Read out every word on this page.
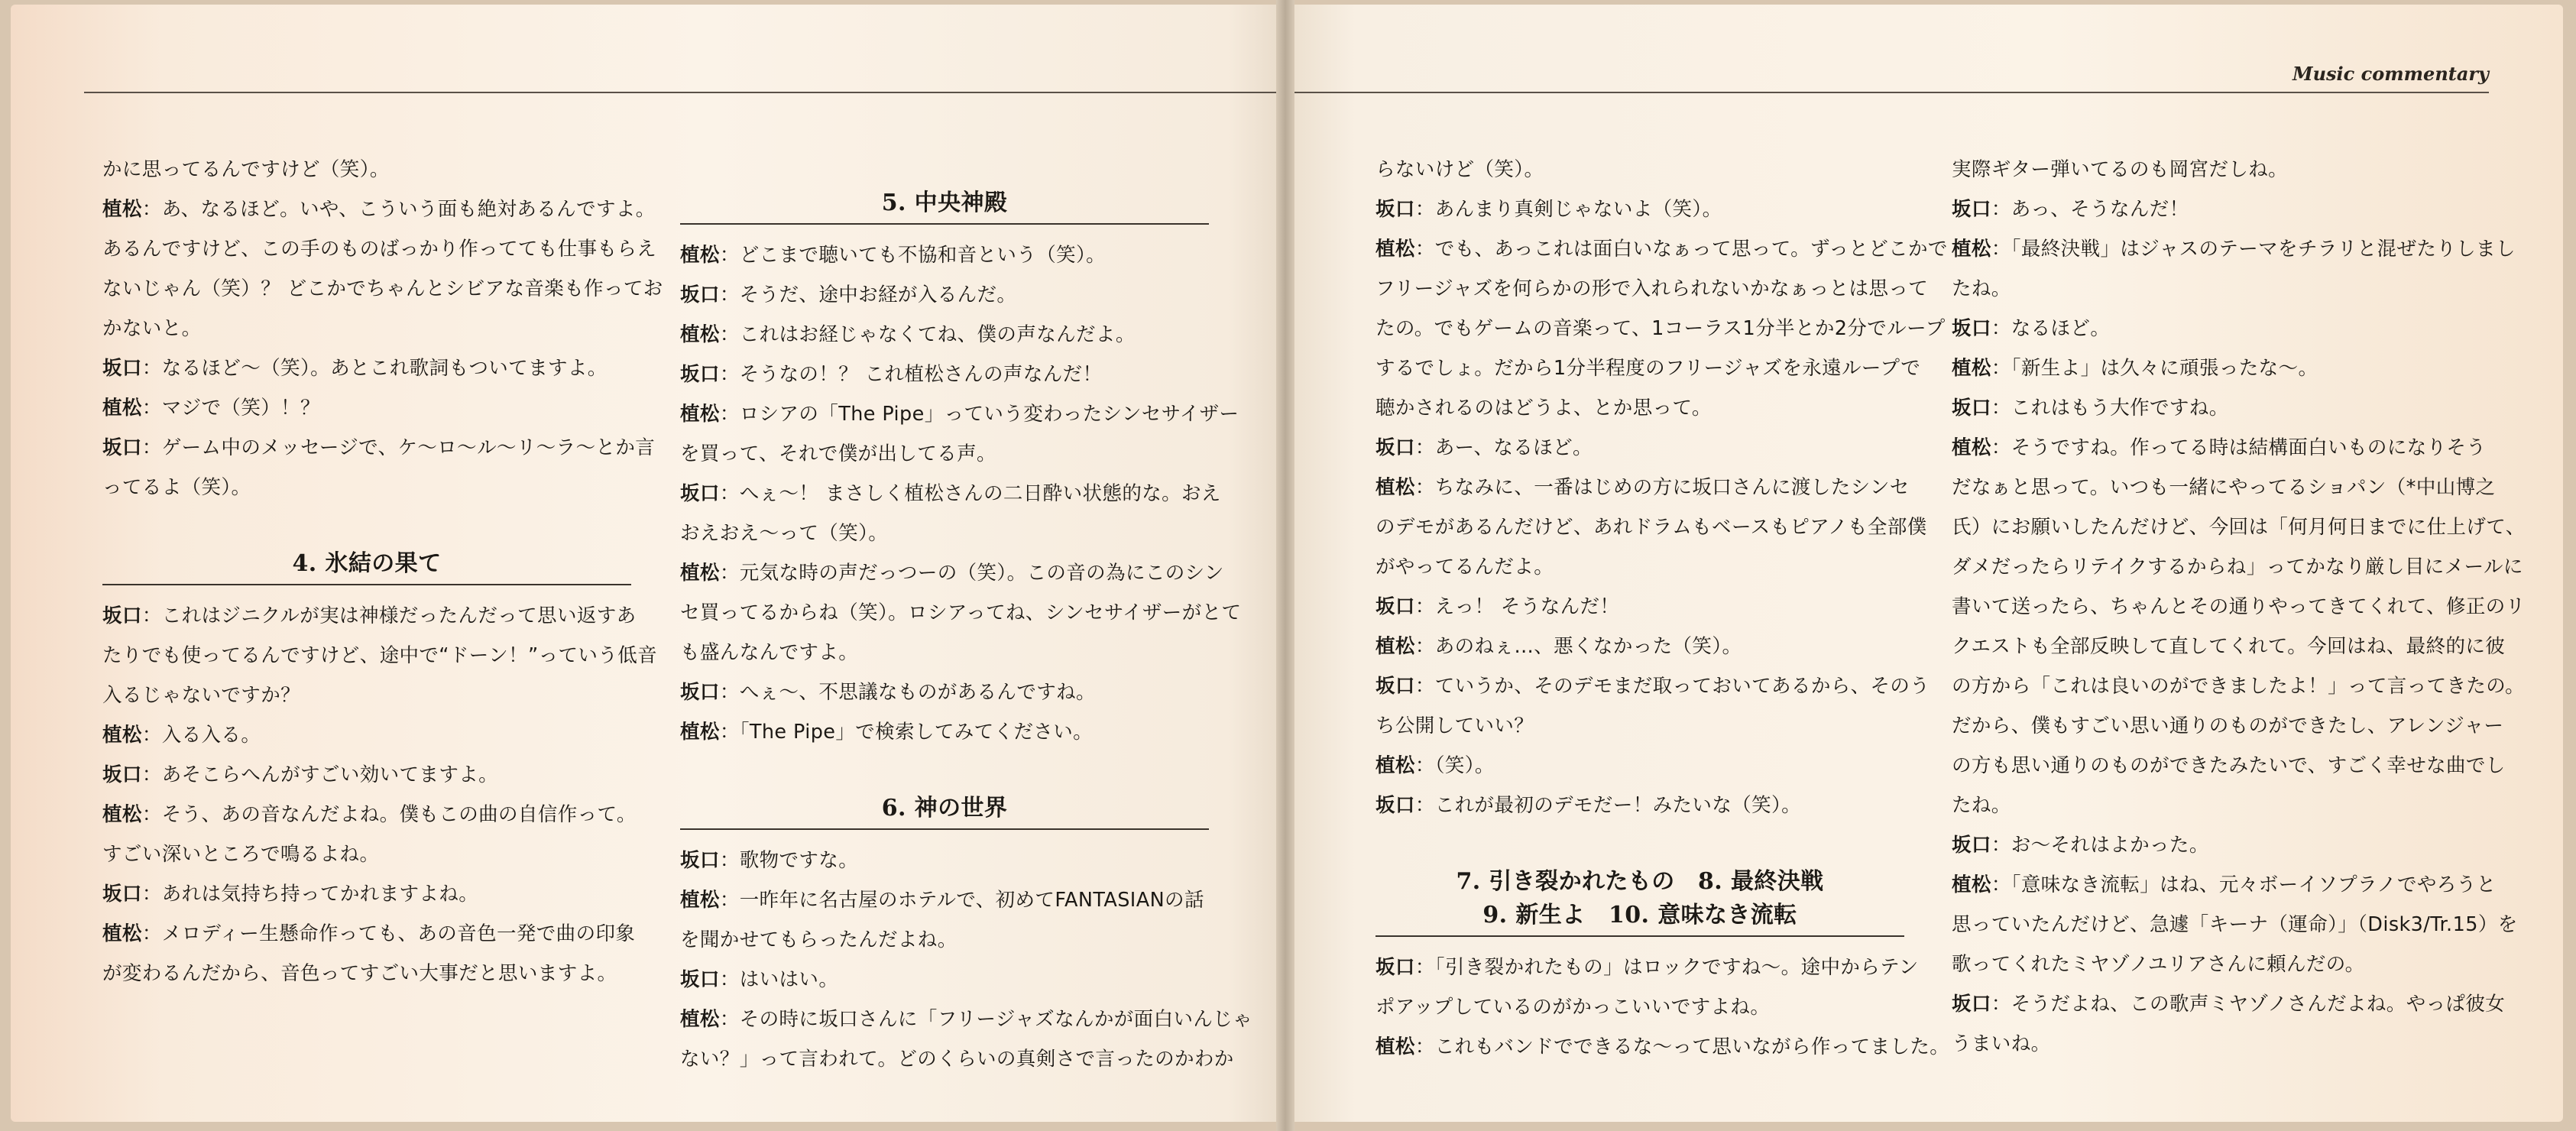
Music commentary
かに思ってるんですけど（笑）。
植松：あ、なるほど。いや、こういう面も絶対あるんですよ。
あるんですけど、この手のものばっかり作ってても仕事もらえ
ないじゃん（笑）？ どこかでちゃんとシビアな音楽も作ってお
かないと。
坂口：なるほど～（笑）。あとこれ歌詞もついてますよ。
植松：マジで（笑）！？
坂口：ゲーム中のメッセージで、ケ～ロ～ル～リ～ラ～とか言
ってるよ（笑）。
4. 氷結の果て
坂口：これはジニクルが実は神様だったんだって思い返すあ
たりでも使ってるんですけど、途中で“ドーン！”っていう低音
入るじゃないですか？
植松：入る入る。
坂口：あそこらへんがすごい効いてますよ。
植松：そう、あの音なんだよね。僕もこの曲の自信作って。
すごい深いところで鳴るよね。
坂口：あれは気持ち持ってかれますよね。
植松：メロディー生懸命作っても、あの音色一発で曲の印象
が変わるんだから、音色ってすごい大事だと思いますよ。
5. 中央神殿
植松：どこまで聴いても不協和音という（笑）。
坂口：そうだ、途中お経が入るんだ。
植松：これはお経じゃなくてね、僕の声なんだよ。
坂口：そうなの！？ これ植松さんの声なんだ！
植松：ロシアの「The Pipe」っていう変わったシンセサイザー
を買って、それで僕が出してる声。
坂口：へぇ～！ まさしく植松さんの二日酔い状態的な。おえ
おえおえ～って（笑）。
植松：元気な時の声だっつーの（笑）。この音の為にこのシン
セ買ってるからね（笑）。ロシアってね、シンセサイザーがとて
も盛んなんですよ。
坂口：へぇ～、不思議なものがあるんですね。
植松：「The Pipe」で検索してみてください。
6. 神の世界
坂口：歌物ですな。
植松：一昨年に名古屋のホテルで、初めてFANTASIANの話
を聞かせてもらったんだよね。
坂口：はいはい。
植松：その時に坂口さんに「フリージャズなんかが面白いんじゃ
ない？」って言われて。どのくらいの真剣さで言ったのかわか
らないけど（笑）。
坂口：あんまり真剣じゃないよ（笑）。
植松：でも、あっこれは面白いなぁって思って。ずっとどこかで
フリージャズを何らかの形で入れられないかなぁっとは思って
たの。でもゲームの音楽って、1コーラス1分半とか2分でループ
するでしょ。だから1分半程度のフリージャズを永遠ループで
聴かされるのはどうよ、とか思って。
坂口：あー、なるほど。
植松：ちなみに、一番はじめの方に坂口さんに渡したシンセ
のデモがあるんだけど、あれドラムもベースもピアノも全部僕
がやってるんだよ。
坂口：えっ！ そうなんだ！
植松：あのねぇ…、悪くなかった（笑）。
坂口：ていうか、そのデモまだ取っておいてあるから、そのう
ち公開していい？
植松：（笑）。
坂口：これが最初のデモだー！みたいな（笑）。
7. 引き裂かれたもの　8. 最終決戦
9. 新生よ　10. 意味なき流転
坂口：「引き裂かれたもの」はロックですね～。途中からテン
ポアップしているのがかっこいいですよね。
植松：これもバンドでできるな～って思いながら作ってました。
実際ギター弾いてるのも岡宮だしね。
坂口：あっ、そうなんだ！
植松：「最終決戦」はジャスのテーマをチラリと混ぜたりしまし
たね。
坂口：なるほど。
植松：「新生よ」は久々に頑張ったな～。
坂口：これはもう大作ですね。
植松：そうですね。作ってる時は結構面白いものになりそう
だなぁと思って。いつも一緒にやってるショパン（*中山博之
氏）にお願いしたんだけど、今回は「何月何日までに仕上げて、
ダメだったらリテイクするからね」ってかなり厳し目にメールに
書いて送ったら、ちゃんとその通りやってきてくれて、修正のリ
クエストも全部反映して直してくれて。今回はね、最終的に彼
の方から「これは良いのができましたよ！」って言ってきたの。
だから、僕もすごい思い通りのものができたし、アレンジャー
の方も思い通りのものができたみたいで、すごく幸せな曲でし
たね。
坂口：お～それはよかった。
植松：「意味なき流転」はね、元々ボーイソプラノでやろうと
思っていたんだけど、急遽「キーナ（運命）」（Disk3/Tr.15）を
歌ってくれたミヤゾノユリアさんに頼んだの。
坂口：そうだよね、この歌声ミヤゾノさんだよね。やっぱ彼女
うまいね。
